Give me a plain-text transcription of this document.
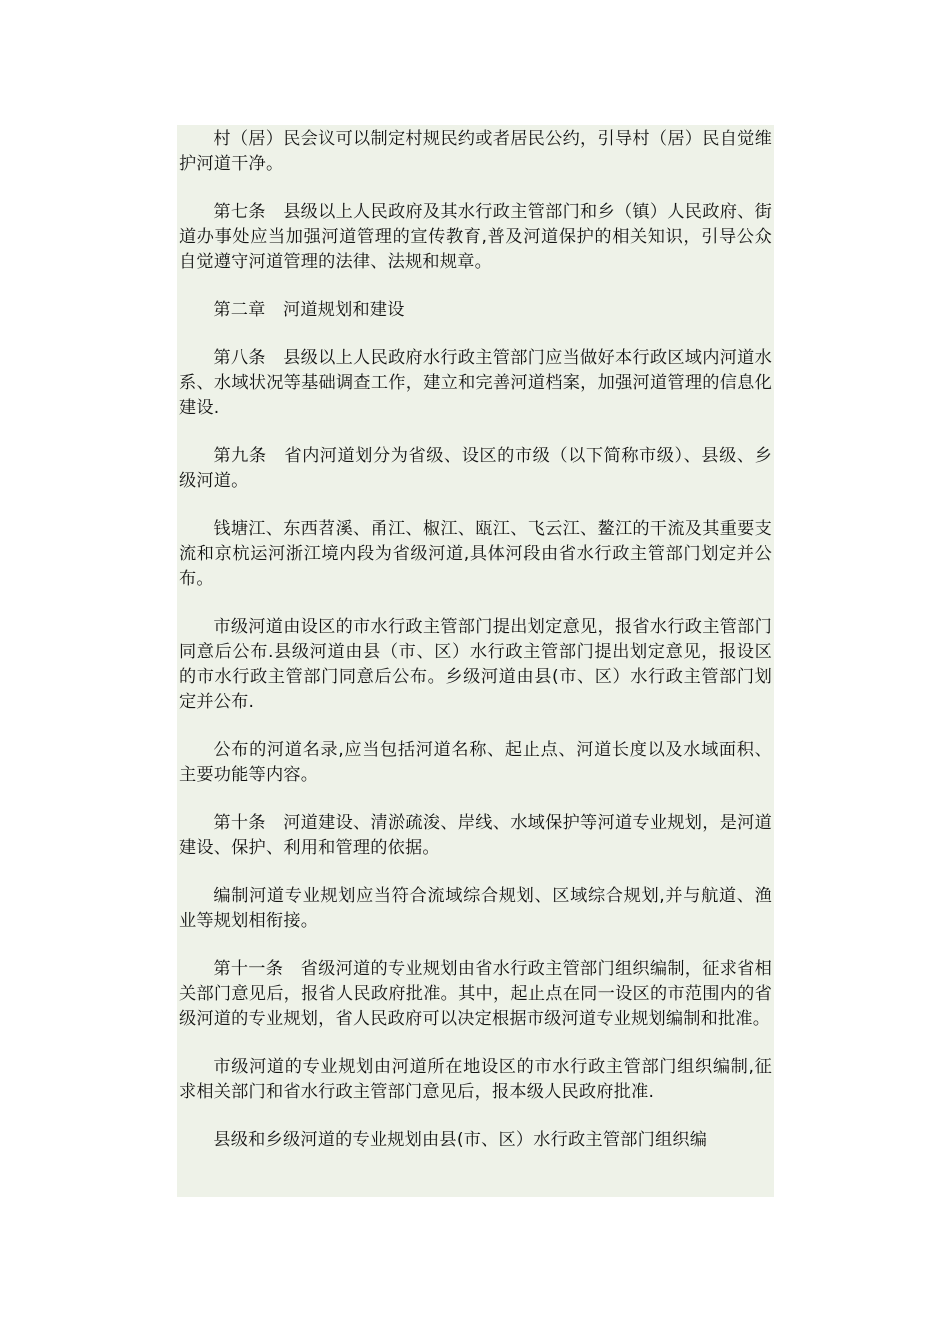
村（居）民会议可以制定村规民约或者居民公约，引导村（居）民自觉维护河道干净。

第七条　县级以上人民政府及其水行政主管部门和乡（镇）人民政府、街道办事处应当加强河道管理的宣传教育,普及河道保护的相关知识，引导公众自觉遵守河道管理的法律、法规和规章。

第二章　河道规划和建设

第八条　县级以上人民政府水行政主管部门应当做好本行政区域内河道水系、水域状况等基础调查工作，建立和完善河道档案，加强河道管理的信息化建设.

第九条　省内河道划分为省级、设区的市级（以下简称市级）、县级、乡级河道。

钱塘江、东西苕溪、甬江、椒江、瓯江、飞云江、鳌江的干流及其重要支流和京杭运河浙江境内段为省级河道,具体河段由省水行政主管部门划定并公布。

市级河道由设区的市水行政主管部门提出划定意见，报省水行政主管部门同意后公布.县级河道由县（市、区）水行政主管部门提出划定意见，报设区的市水行政主管部门同意后公布。乡级河道由县(市、区）水行政主管部门划定并公布.

公布的河道名录,应当包括河道名称、起止点、河道长度以及水域面积、主要功能等内容。

第十条　河道建设、清淤疏浚、岸线、水域保护等河道专业规划，是河道建设、保护、利用和管理的依据。

编制河道专业规划应当符合流域综合规划、区域综合规划,并与航道、渔业等规划相衔接。

第十一条　省级河道的专业规划由省水行政主管部门组织编制，征求省相关部门意见后，报省人民政府批准。其中，起止点在同一设区的市范围内的省级河道的专业规划，省人民政府可以决定根据市级河道专业规划编制和批准。

市级河道的专业规划由河道所在地设区的市水行政主管部门组织编制,征求相关部门和省水行政主管部门意见后，报本级人民政府批准.

县级和乡级河道的专业规划由县(市、区）水行政主管部门组织编
